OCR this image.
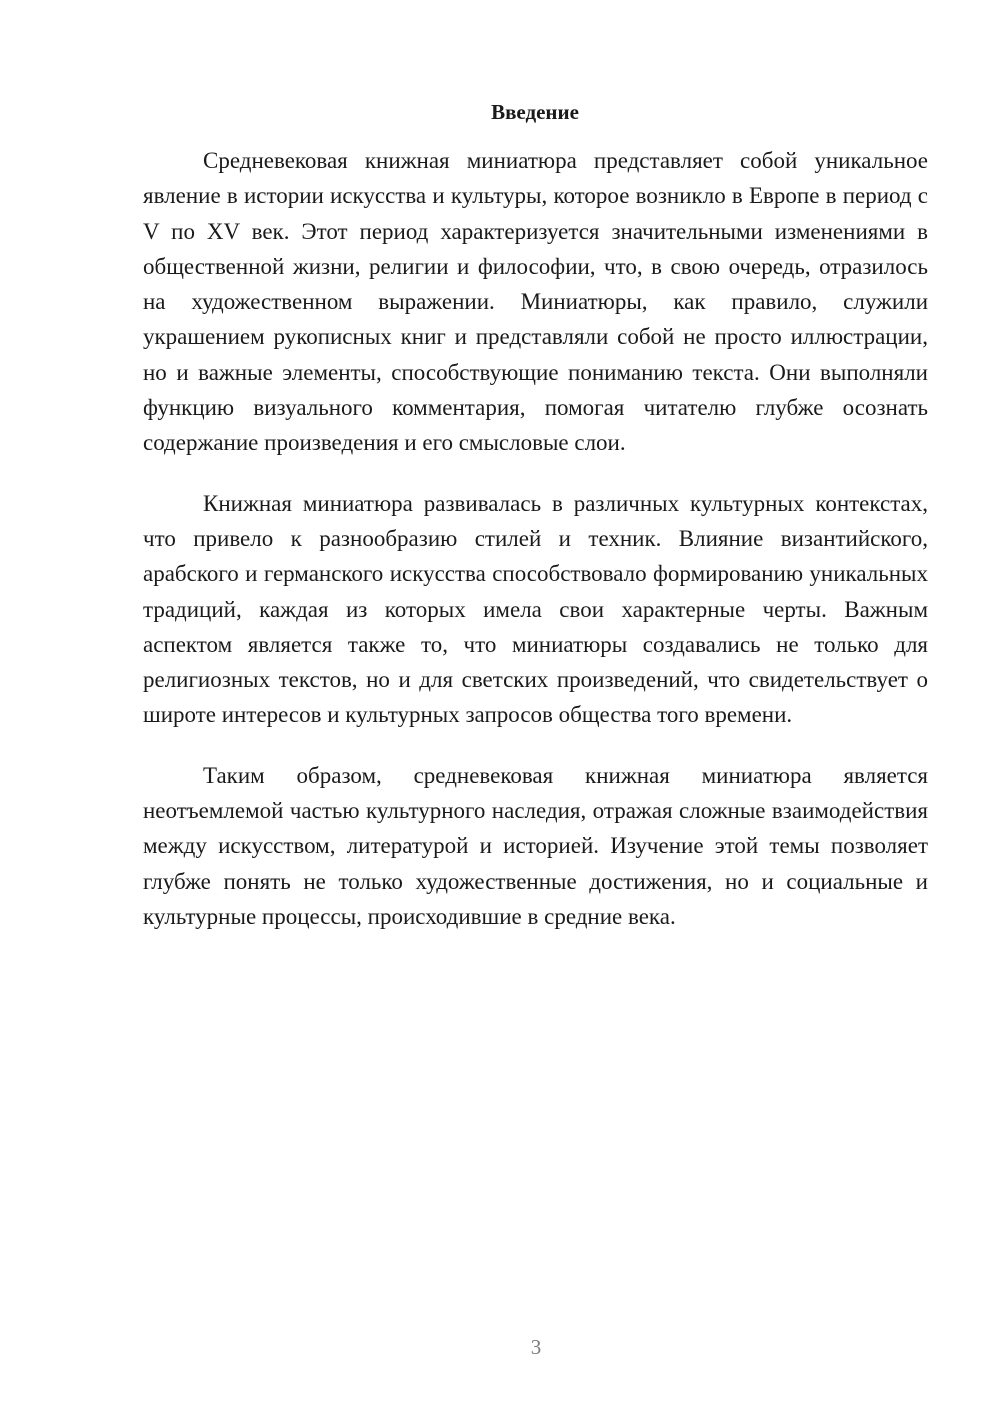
Введение

Средневековая книжная миниатюра представляет собой уникальное явление в истории искусства и культуры, которое возникло в Европе в период с V по XV век. Этот период характеризуется значительными изменениями в общественной жизни, религии и философии, что, в свою очередь, отразилось на художественном выражении. Миниатюры, как правило, служили украшением рукописных книг и представляли собой не просто иллюстрации, но и важные элементы, способствующие пониманию текста. Они выполняли функцию визуального комментария, помогая читателю глубже осознать содержание произведения и его смысловые слои.

Книжная миниатюра развивалась в различных культурных контекстах, что привело к разнообразию стилей и техник. Влияние византийского, арабского и германского искусства способствовало формированию уникальных традиций, каждая из которых имела свои характерные черты. Важным аспектом является также то, что миниатюры создавались не только для религиозных текстов, но и для светских произведений, что свидетельствует о широте интересов и культурных запросов общества того времени.

Таким образом, средневековая книжная миниатюра является неотъемлемой частью культурного наследия, отражая сложные взаимодействия между искусством, литературой и историей. Изучение этой темы позволяет глубже понять не только художественные достижения, но и социальные и культурные процессы, происходившие в средние века.

3
